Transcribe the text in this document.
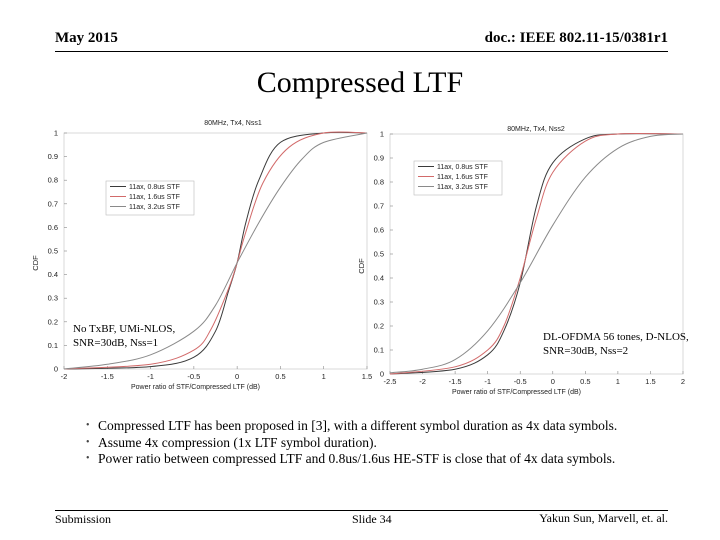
May 2015	doc.: IEEE 802.11-15/0381r1
Compressed LTF
80MHz, Tx4, Nss1
0
0.1
0.2
0.3
0.4
0.5
0.6
0.7
0.8
0.9
1
-2	-1.5	-1	-0.5	0	0.5	1	1.5
Power ratio of STF/Compressed LTF (dB)
CDF
11ax, 0.8us STF
11ax, 1.6us STF
11ax, 3.2us STF
80MHz, Tx4, Nss2
0
0.1
0.2
0.3
0.4
0.5
0.6
0.7
0.8
0.9
1
-2.5	-2	-1.5	-1	-0.5	0	0.5	1	1.5	2
Power ratio of STF/Compressed LTF (dB)
CDF
11ax, 0.8us STF
11ax, 1.6us STF
11ax, 3.2us STF
No TxBF, UMi-NLOS,
SNR=30dB, Nss=1	DL-OFDMA 56 tones, D-NLOS,
SNR=30dB, Nss=2
• Compressed LTF has been proposed in [3], with a different symbol duration as 4x data symbols.
• Assume 4x compression (1x LTF symbol duration).
• Power ratio between compressed LTF and 0.8us/1.6us HE-STF is close that of 4x data symbols.
Submission	Slide 34	Yakun Sun, Marvell, et. al.
